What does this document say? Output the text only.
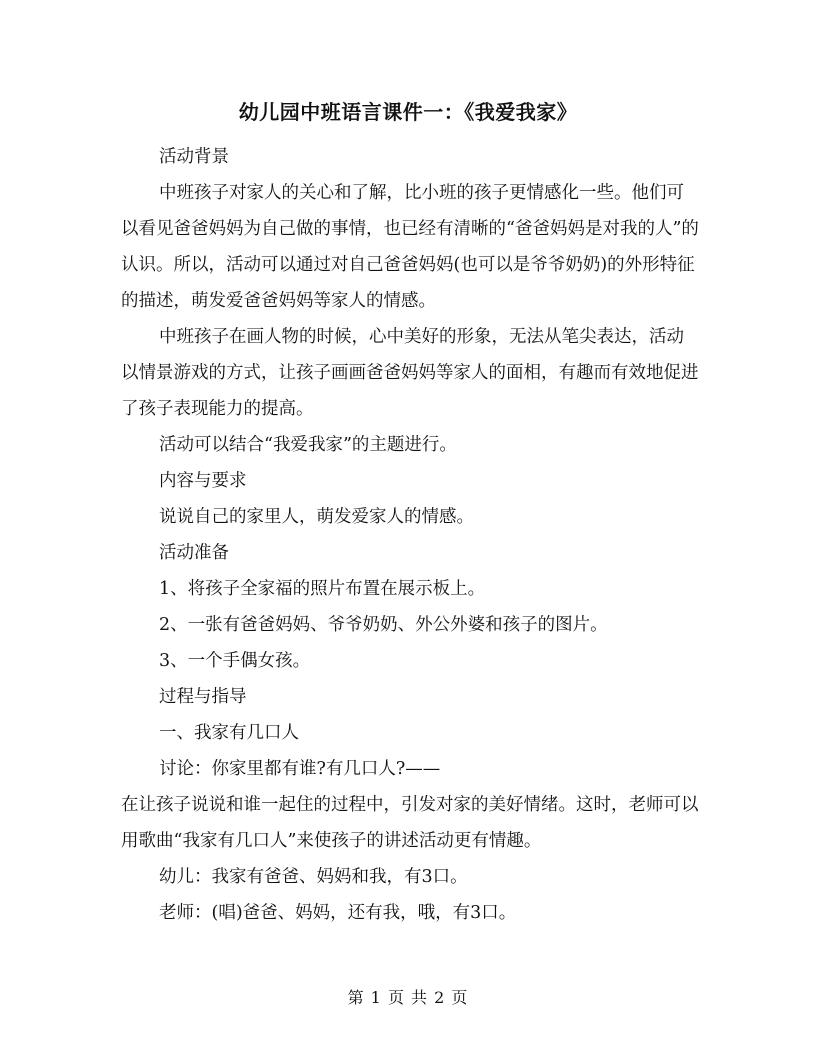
幼儿园中班语言课件一：《我爱我家》

活动背景

中班孩子对家人的关心和了解，比小班的孩子更情感化一些。他们可以看见爸爸妈妈为自己做的事情，也已经有清晰的“爸爸妈妈是对我的人”的认识。所以，活动可以通过对自己爸爸妈妈(也可以是爷爷奶奶)的外形特征的描述，萌发爱爸爸妈妈等家人的情感。

中班孩子在画人物的时候，心中美好的形象，无法从笔尖表达，活动以情景游戏的方式，让孩子画画爸爸妈妈等家人的面相，有趣而有效地促进了孩子表现能力的提高。

活动可以结合“我爱我家”的主题进行。

内容与要求

说说自己的家里人，萌发爱家人的情感。

活动准备

1、将孩子全家福的照片布置在展示板上。

2、一张有爸爸妈妈、爷爷奶奶、外公外婆和孩子的图片。

3、一个手偶女孩。

过程与指导

一、我家有几口人

讨论：你家里都有谁?有几口人?——

在让孩子说说和谁一起住的过程中，引发对家的美好情绪。这时，老师可以用歌曲“我家有几口人”来使孩子的讲述活动更有情趣。

幼儿：我家有爸爸、妈妈和我，有3口。

老师：(唱)爸爸、妈妈，还有我，哦，有3口。

第 1 页 共 2 页
